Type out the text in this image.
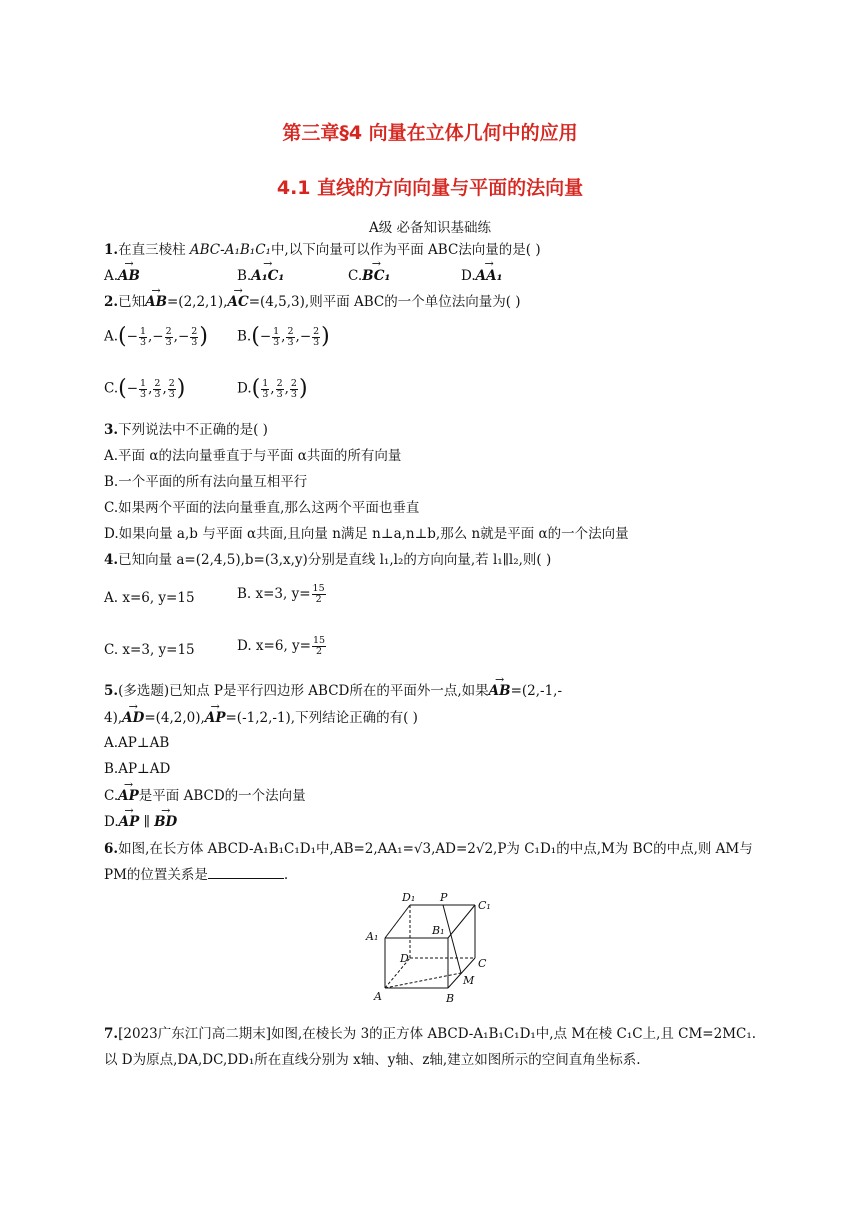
第三章§4 向量在立体几何中的应用
4.1 直线的方向向量与平面的法向量
A级 必备知识基础练
1.在直三棱柱 ABC-A₁B₁C₁中,以下向量可以作为平面 ABC法向量的是( )
A.→ AB	B.→ A₁C₁	C.→ BC₁	D.→ AA₁
2.已知→ AB=(2,2,1),→ AC=(4,5,3),则平面 ABC的一个单位法向量为( )
$A.(- \frac{1}{3}$ ,− $\frac{2}{3}$ ,− $\frac{2}{3}$ ) $B.(- \frac{1}{3}$ , $\frac{2}{3}$ ,− $\frac{2}{3}$ )
$C.(- \frac{1}{3}$ , $\frac{2}{3}$ , $\frac{2}{3}$ )	$D.( \frac{1}{3}$ , $\frac{2}{3}$ , $\frac{2}{3}$ )
3.下列说法中不正确的是( )
A.平面 α的法向量垂直于与平面 α共面的所有向量
B.一个平面的所有法向量互相平行
C.如果两个平面的法向量垂直,那么这两个平面也垂直
D.如果向量 a,b 与平面 α共面,且向量 n满足 n⊥a,n⊥b,那么 n就是平面 α的一个法向量
4.已知向量 a=(2,4,5),b=(3,x,y)分别是直线 l₁,l₂的方向向量,若 l₁∥l₂,则( )
A. x=6, y=15	B. x=3, $y= \frac{15}{2}$
C. x=3, y=15	D. x=6, $y= \frac{15}{2}$
5.(多选题)已知点 P是平行四边形 ABCD所在的平面外一点,如果→ AB=(2,-1,-
4),→ AD=(4,2,0),→ AP=(-1,2,-1),下列结论正确的有( )
A.AP⊥AB
B.AP⊥AD
C.→ AP是平面 ABCD的一个法向量
D.→ AP ∥ → BD
6.如图,在长方体 ABCD-A₁B₁C₁D₁中,AB=2,AA₁=√3,AD=2√2,P为 C₁D₁的中点,M为 BC的中点,则 AM与
PM的位置关系是	.
D₁ P
C₁
A₁	B₁
D	C
M
A	B
7.[2023广东江门高二期末]如图,在棱长为 3的正方体 ABCD-A₁B₁C₁D₁中,点 M在棱 C₁C上,且 CM=2MC₁.
以 D为原点,DA,DC,DD₁所在直线分别为 x轴、y轴、z轴,建立如图所示的空间直角坐标系.
